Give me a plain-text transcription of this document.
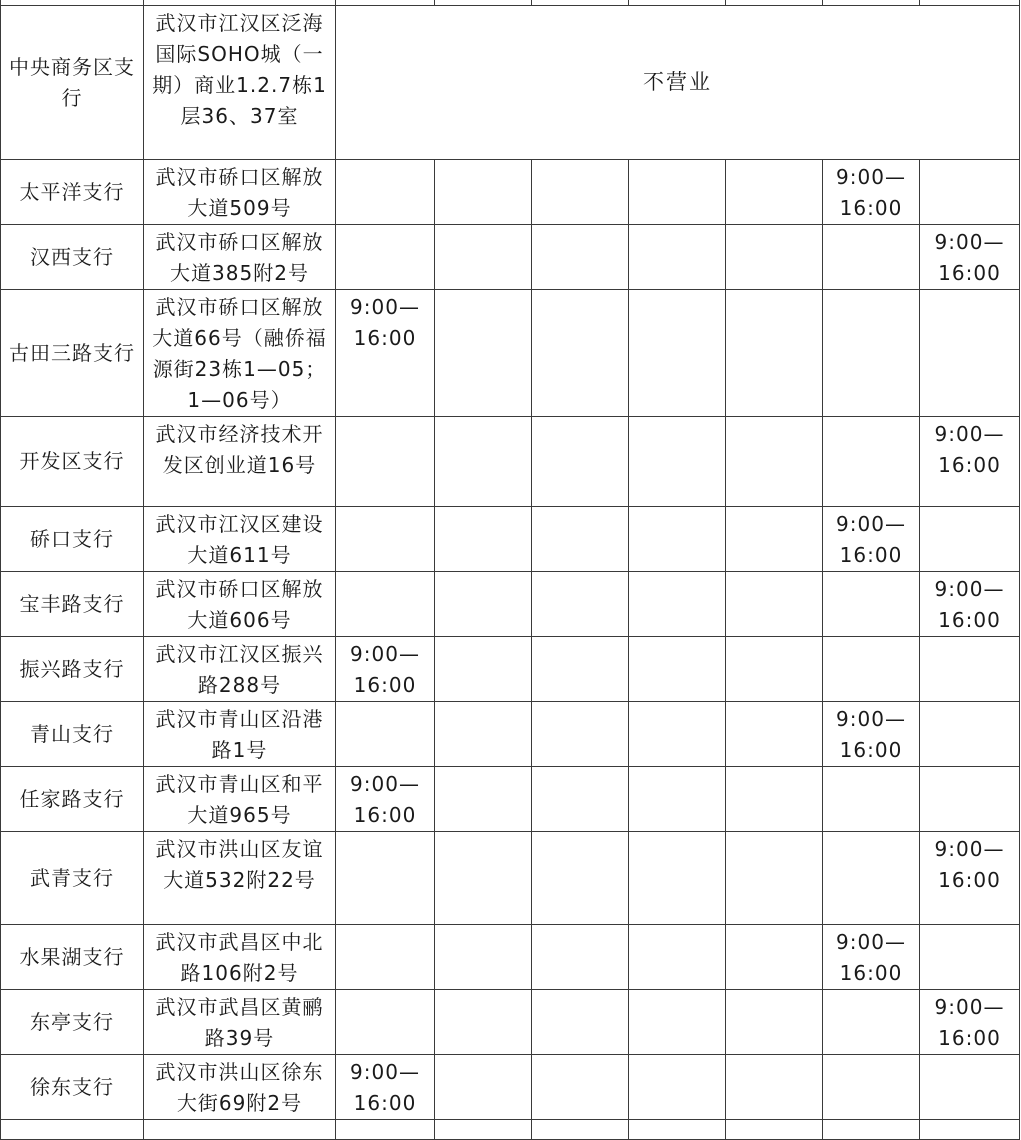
中央商务区支行	武汉市江汉区泛海国际SOHO城（一期）商业1.2.7栋1层36、37室	不营业						
太平洋支行	武汉市硚口区解放大道509号						9:00—
16:00	

汉西支行	武汉市硚口区解放大道385附2号							9:00—
16:00

古田三路支行	武汉市硚口区解放大道66号（融侨福源街23栋1—05；1—06号）	9:00—
16:00						

开发区支行	武汉市经济技术开发区创业道16号							9:00—
16:00

硚口支行	武汉市江汉区建设大道611号						9:00—
16:00	

宝丰路支行	武汉市硚口区解放大道606号							9:00—
16:00

振兴路支行	武汉市江汉区振兴路288号	9:00—
16:00						

青山支行	武汉市青山区沿港路1号						9:00—
16:00	

任家路支行	武汉市青山区和平大道965号	9:00—
16:00						

武青支行	武汉市洪山区友谊大道532附22号							9:00—
16:00

水果湖支行	武汉市武昌区中北路106附2号						9:00—
16:00	

东亭支行	武汉市武昌区黄鹂路39号							9:00—
16:00

徐东支行	武汉市洪山区徐东大街69附2号	9:00—
16:00						
